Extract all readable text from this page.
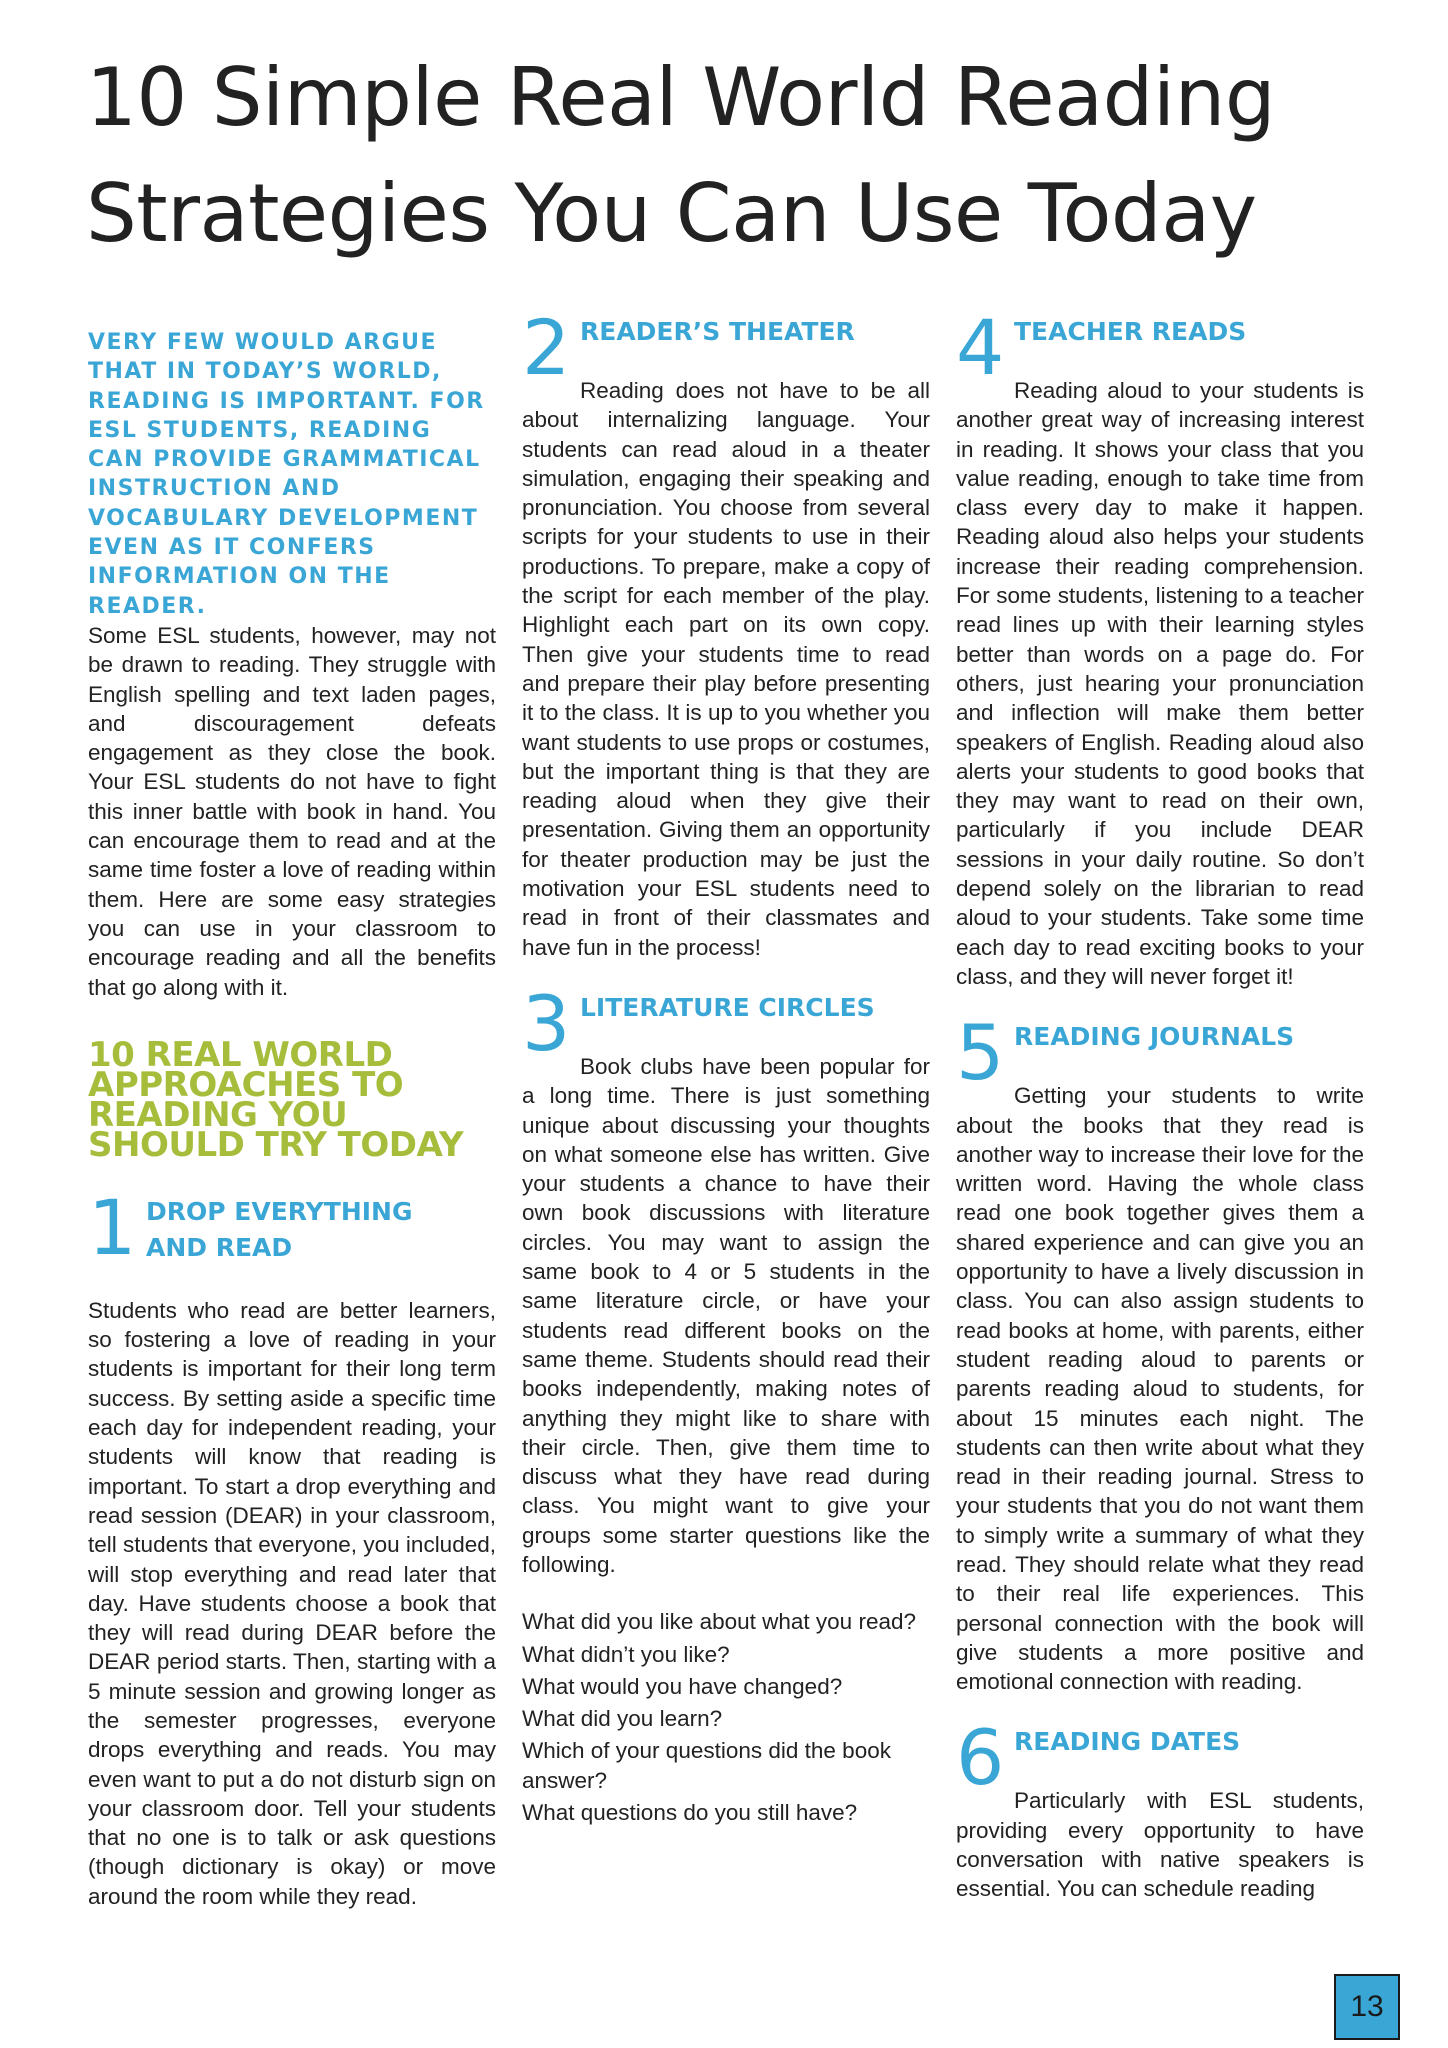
10 Simple Real World Reading
Strategies You Can Use Today
VERY FEW WOULD ARGUE THAT IN TODAY’S WORLD, READING IS IMPORTANT. FOR ESL STUDENTS, READING CAN PROVIDE GRAMMATICAL INSTRUCTION AND VOCABULARY DEVELOPMENT EVEN AS IT CONFERS INFORMATION ON THE READER.

Some ESL students, however, may not be drawn to reading. They struggle with English spelling and text laden pages, and discouragement defeats engagement as they close the book. Your ESL students do not have to fight this inner battle with book in hand. You can encourage them to read and at the same time foster a love of reading within them. Here are some easy strategies you can use in your classroom to encourage reading and all the benefits that go along with it.

10 REAL WORLD APPROACHES TO READING YOU SHOULD TRY TODAY
1 DROP EVERYTHING AND READ

Students who read are better learners, so fostering a love of reading in your students is important for their long term success. By setting aside a specific time each day for independent reading, your students will know that reading is important. To start a drop everything and read session (DEAR) in your classroom, tell students that everyone, you included, will stop everything and read later that day. Have students choose a book that they will read during DEAR before the DEAR period starts. Then, starting with a 5 minute session and growing longer as the semester progresses, everyone drops everything and reads. You may even want to put a do not disturb sign on your classroom door. Tell your students that no one is to talk or ask questions (though dictionary is okay) or move around the room while they read.

2 READER’S THEATER

Reading does not have to be all about internalizing language. Your students can read aloud in a theater simulation, engaging their speaking and pronunciation. You choose from several scripts for your students to use in their productions. To prepare, make a copy of the script for each member of the play. Highlight each part on its own copy. Then give your students time to read and prepare their play before presenting it to the class. It is up to you whether you want students to use props or costumes, but the important thing is that they are reading aloud when they give their presentation. Giving them an opportunity for theater production may be just the motivation your ESL students need to read in front of their classmates and have fun in the process!

3 LITERATURE CIRCLES

Book clubs have been popular for a long time. There is just something unique about discussing your thoughts on what someone else has written. Give your students a chance to have their own book discussions with literature circles. You may want to assign the same book to 4 or 5 students in the same literature circle, or have your students read different books on the same theme. Students should read their books independently, making notes of anything they might like to share with their circle. Then, give them time to discuss what they have read during class. You might want to give your groups some starter questions like the following.

What did you like about what you read?
What didn’t you like?
What would you have changed?
What did you learn?
Which of your questions did the book answer?
What questions do you still have?
4 TEACHER READS

Reading aloud to your students is another great way of increasing interest in reading. It shows your class that you value reading, enough to take time from class every day to make it happen. Reading aloud also helps your students increase their reading comprehension. For some students, listening to a teacher read lines up with their learning styles better than words on a page do. For others, just hearing your pronunciation and inflection will make them better speakers of English. Reading aloud also alerts your students to good books that they may want to read on their own, particularly if you include DEAR sessions in your daily routine. So don’t depend solely on the librarian to read aloud to your students. Take some time each day to read exciting books to your class, and they will never forget it!

5 READING JOURNALS

Getting your students to write about the books that they read is another way to increase their love for the written word. Having the whole class read one book together gives them a shared experience and can give you an opportunity to have a lively discussion in class. You can also assign students to read books at home, with parents, either student reading aloud to parents or parents reading aloud to students, for about 15 minutes each night. The students can then write about what they read in their reading journal. Stress to your students that you do not want them to simply write a summary of what they read. They should relate what they read to their real life experiences. This personal connection with the book will give students a more positive and emotional connection with reading.

6 READING DATES

Particularly with ESL students, providing every opportunity to have conversation with native speakers is essential. You can schedule reading

13
